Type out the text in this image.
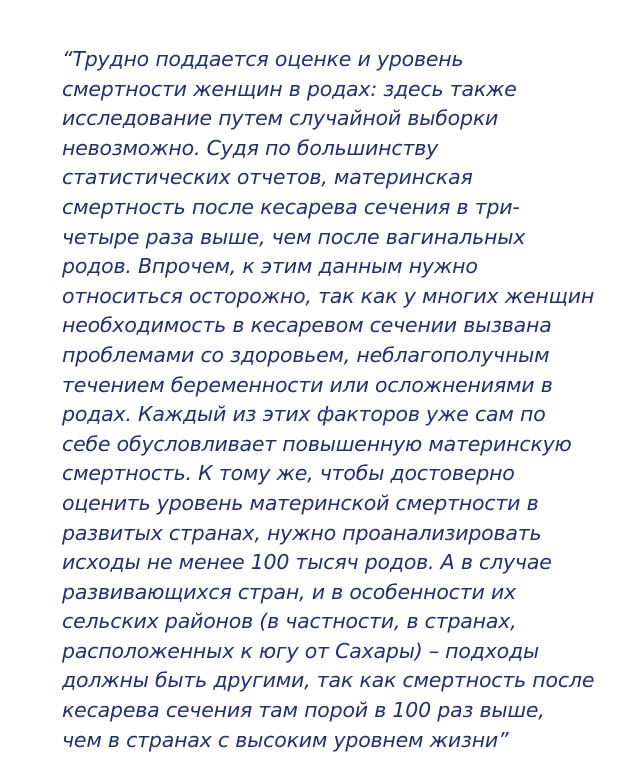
“Трудно поддается оценке и уровень
смертности женщин в родах: здесь также
исследование путем случайной выборки
невозможно. Судя по большинству
статистических отчетов, материнская
смертность после кесарева сечения в три-
четыре раза выше, чем после вагинальных
родов. Впрочем, к этим данным нужно
относиться осторожно, так как у многих женщин
необходимость в кесаревом сечении вызвана
проблемами со здоровьем, неблагополучным
течением беременности или осложнениями в
родах. Каждый из этих факторов уже сам по
себе обусловливает повышенную материнскую
смертность. К тому же, чтобы достоверно
оценить уровень материнской смертности в
развитых странах, нужно проанализировать
исходы не менее 100 тысяч родов. А в случае
развивающихся стран, и в особенности их
сельских районов (в частности, в странах,
расположенных к югу от Сахары) – подходы
должны быть другими, так как смертность после
кесарева сечения там порой в 100 раз выше,
чем в странах с высоким уровнем жизни”
